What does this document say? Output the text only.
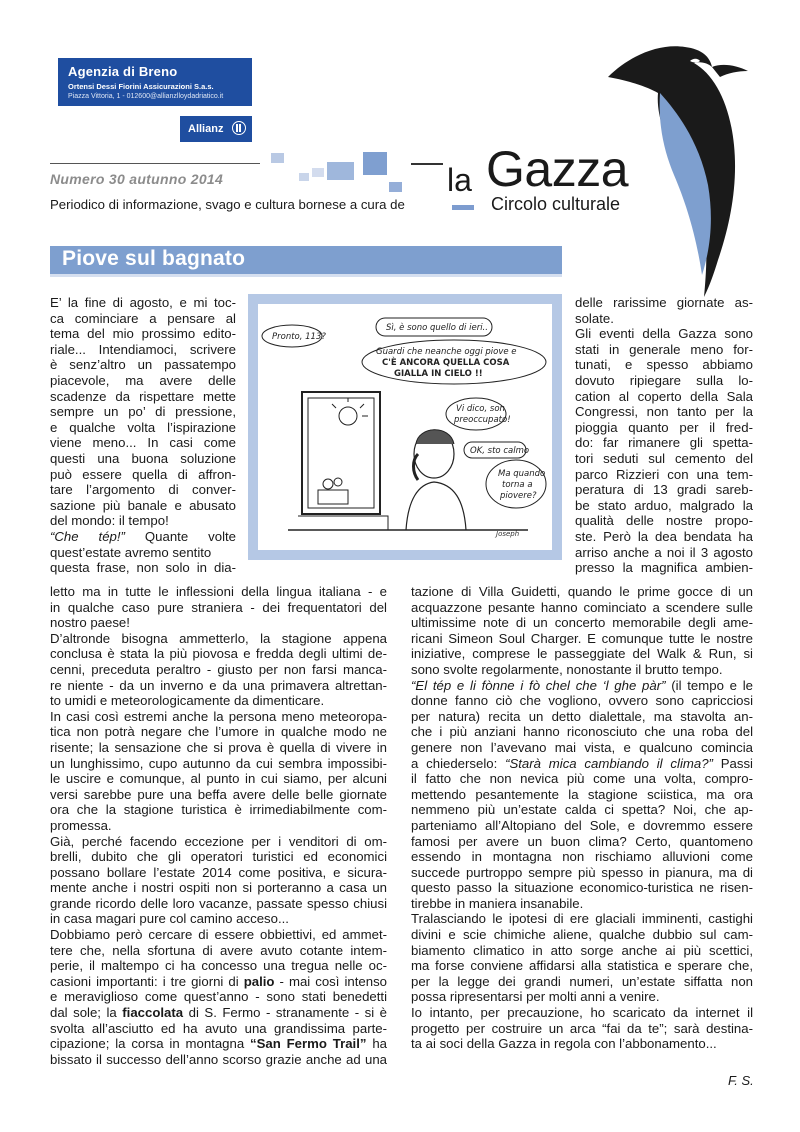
Agenzia di Breno
Ortensi Dessi Fiorini Assicurazioni S.a.s.
Piazza Vittoria, 1 - 012600@allianzlloydadriatico.it
Allianz
Numero 30 autunno 2014
Periodico di informazione, svago e cultura bornese a cura de
la Gazza
Circolo culturale
Piove sul bagnato
Pronto, 113?
Sì, è sono quello di ieri..
Guardi che neanche oggi piove e
C'È ANCORA QUELLA COSA
GIALLA IN CIELO !!
Vi dico, son
preoccupato!
OK, sto calmo
Ma quando
torna a
piovere?
Joseph

E’ la fine di agosto, e mi toc-
ca cominciare a pensare al
tema del mio prossimo edito-
riale... Intendiamoci, scrivere
è senz’altro un passatempo
piacevole, ma avere delle
scadenze da rispettare mette
sempre un po’ di pressione,
e qualche volta l’ispirazione
viene meno... In casi come
questi una buona soluzione
può essere quella di affron-
tare l’argomento di conver-
sazione più banale e abusato
del mondo: il tempo!
“Che tép!” Quante volte
quest’estate avremo sentito
questa frase, non solo in dia-

delle rarissime giornate as-
solate.
Gli eventi della Gazza sono
stati in generale meno for-
tunati, e spesso abbiamo
dovuto ripiegare sulla lo-
cation al coperto della Sala
Congressi, non tanto per la
pioggia quanto per il fred-
do: far rimanere gli spetta-
tori seduti sul cemento del
parco Rizzieri con una tem-
peratura di 13 gradi sareb-
be stato arduo, malgrado la
qualità delle nostre propo-
ste. Però la dea bendata ha
arriso anche a noi il 3 agosto
presso la magnifica ambien-

letto ma in tutte le inflessioni della lingua italiana - e
in qualche caso pure straniera - dei frequentatori del
nostro paese!
D’altronde bisogna ammetterlo, la stagione appena
conclusa è stata la più piovosa e fredda degli ultimi de-
cenni, preceduta peraltro - giusto per non farsi manca-
re niente - da un inverno e da una primavera altrettan-
to umidi e meteorologicamente da dimenticare.
In casi così estremi anche la persona meno meteoropa-
tica non potrà negare che l’umore in qualche modo ne
risente; la sensazione che si prova è quella di vivere in
un lunghissimo, cupo autunno da cui sembra impossibi-
le uscire e comunque, al punto in cui siamo, per alcuni
versi sarebbe pure una beffa avere delle belle giornate
ora che la stagione turistica è irrimediabilmente com-
promessa.
Già, perché facendo eccezione per i venditori di om-
brelli, dubito che gli operatori turistici ed economici
possano bollare l’estate 2014 come positiva, e sicura-
mente anche i nostri ospiti non si porteranno a casa un
grande ricordo delle loro vacanze, passate spesso chiusi
in casa magari pure col camino acceso...
Dobbiamo però cercare di essere obbiettivi, ed ammet-
tere che, nella sfortuna di avere avuto cotante intem-
perie, il maltempo ci ha concesso una tregua nelle oc-
casioni importanti: i tre giorni di palio - mai così intenso
e meraviglioso come quest’anno - sono stati benedetti
dal sole; la fiaccolata di S. Fermo - stranamente - si è
svolta all’asciutto ed ha avuto una grandissima parte-
cipazione; la corsa in montagna “San Fermo Trail” ha
bissato il successo dell’anno scorso grazie anche ad una

tazione di Villa Guidetti, quando le prime gocce di un
acquazzone pesante hanno cominciato a scendere sulle
ultimissime note di un concerto memorabile degli ame-
ricani Simeon Soul Charger. E comunque tutte le nostre
iniziative, comprese le passeggiate del Walk & Run, si
sono svolte regolarmente, nonostante il brutto tempo.
“El tép e li fònne i fò chel che ‘l ghe pàr” (il tempo e le
donne fanno ciò che vogliono, ovvero sono capricciosi
per natura) recita un detto dialettale, ma stavolta an-
che i più anziani hanno riconosciuto che una roba del
genere non l’avevano mai vista, e qualcuno comincia
a chiederselo: “Starà mica cambiando il clima?” Passi
il fatto che non nevica più come una volta, compro-
mettendo pesantemente la stagione sciistica, ma ora
nemmeno più un’estate calda ci spetta? Noi, che ap-
parteniamo all’Altopiano del Sole, e dovremmo essere
famosi per avere un buon clima? Certo, quantomeno
essendo in montagna non rischiamo alluvioni come
succede purtroppo sempre più spesso in pianura, ma di
questo passo la situazione economico-turistica ne risen-
tirebbe in maniera insanabile.
Tralasciando le ipotesi di ere glaciali imminenti, castighi
divini e scie chimiche aliene, qualche dubbio sul cam-
biamento climatico in atto sorge anche ai più scettici,
ma forse conviene affidarsi alla statistica e sperare che,
per la legge dei grandi numeri, un’estate siffatta non
possa ripresentarsi per molti anni a venire.
Io intanto, per precauzione, ho scaricato da internet il
progetto per costruire un arca “fai da te”; sarà destina-
ta ai soci della Gazza in regola con l’abbonamento...

F. S.
